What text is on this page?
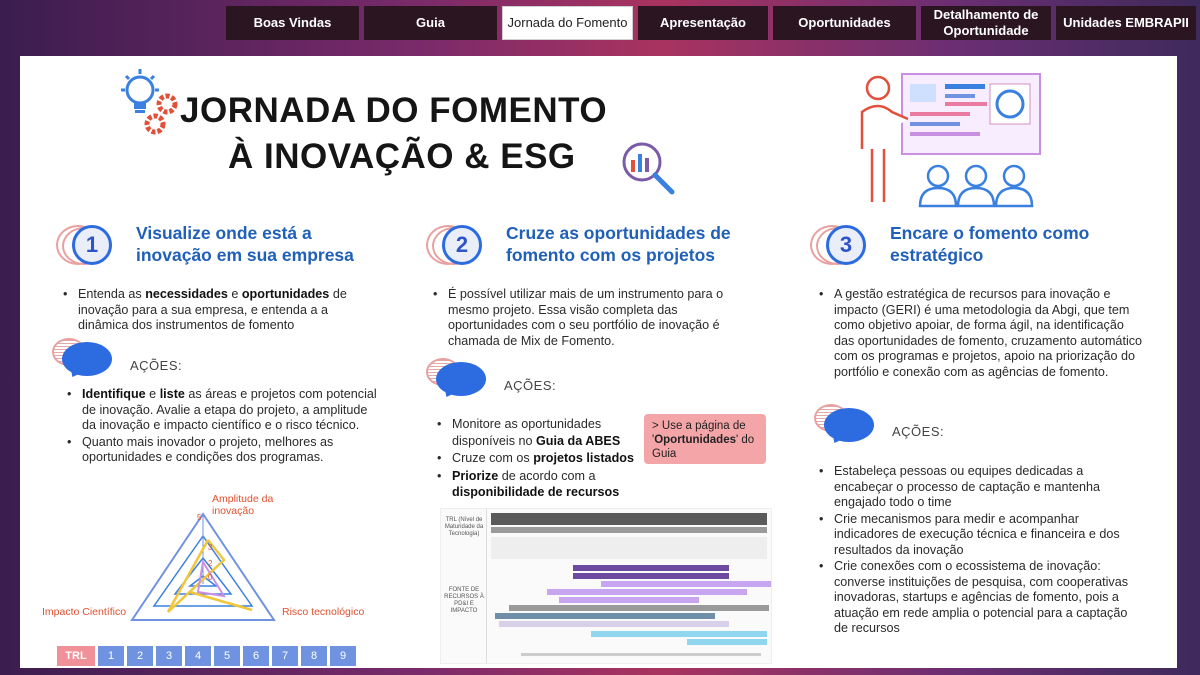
Boas Vindas	Guia	Jornada do Fomento	Apresentação	Oportunidades
Detalhamento de Oportunidade
Unidades EMBRAPII
JORNADA DO FOMENTO
À INOVAÇÃO & ESG
1	Visualize onde está a inovação em sua empresa
• Entenda as necessidades e oportunidades de inovação para a sua empresa, e entenda a a dinâmica dos instrumentos de fomento
AÇÕES:
• Identifique e liste as áreas e projetos com potencial de inovação. Avalie a etapa do projeto, a amplitude da inovação e impacto científico e o risco técnico.
• Quanto mais inovador o projeto, melhores as oportunidades e condições dos programas.
5
3
2
0
Amplitude da inovação
Impacto Científico	Risco tecnológico
TRL	1	2	3	4	5	6	7	8	9
2	Cruze as oportunidades de fomento com os projetos
• É possível utilizar mais de um instrumento para o mesmo projeto. Essa visão completa das oportunidades com o seu portfólio de inovação é chamada de Mix de Fomento.
AÇÕES:
• Monitore as oportunidades disponíveis no Guia da ABES
• Cruze com os projetos listados
• Priorize de acordo com a disponibilidade de recursos
> Use a página de 'Oportunidades' do Guia
TRL (Nível de Maturidade da Tecnologia)
FONTE DE RECURSOS À PD&I E IMPACTO
3	Encare o fomento como estratégico
• A gestão estratégica de recursos para inovação e impacto (GERI) é uma metodologia da Abgi, que tem como objetivo apoiar, de forma ágil, na identificação das oportunidades de fomento, cruzamento automático com os programas e projetos, apoio na priorização do portfólio e conexão com as agências de fomento.
AÇÕES:
• Estabeleça pessoas ou equipes dedicadas a encabeçar o processo de captação e mantenha engajado todo o time
• Crie mecanismos para medir e acompanhar indicadores de execução técnica e financeira e dos resultados da inovação
• Crie conexões com o ecossistema de inovação: converse instituições de pesquisa, com cooperativas inovadoras, startups e agências de fomento, pois a atuação em rede amplia o potencial para a captação de recursos
